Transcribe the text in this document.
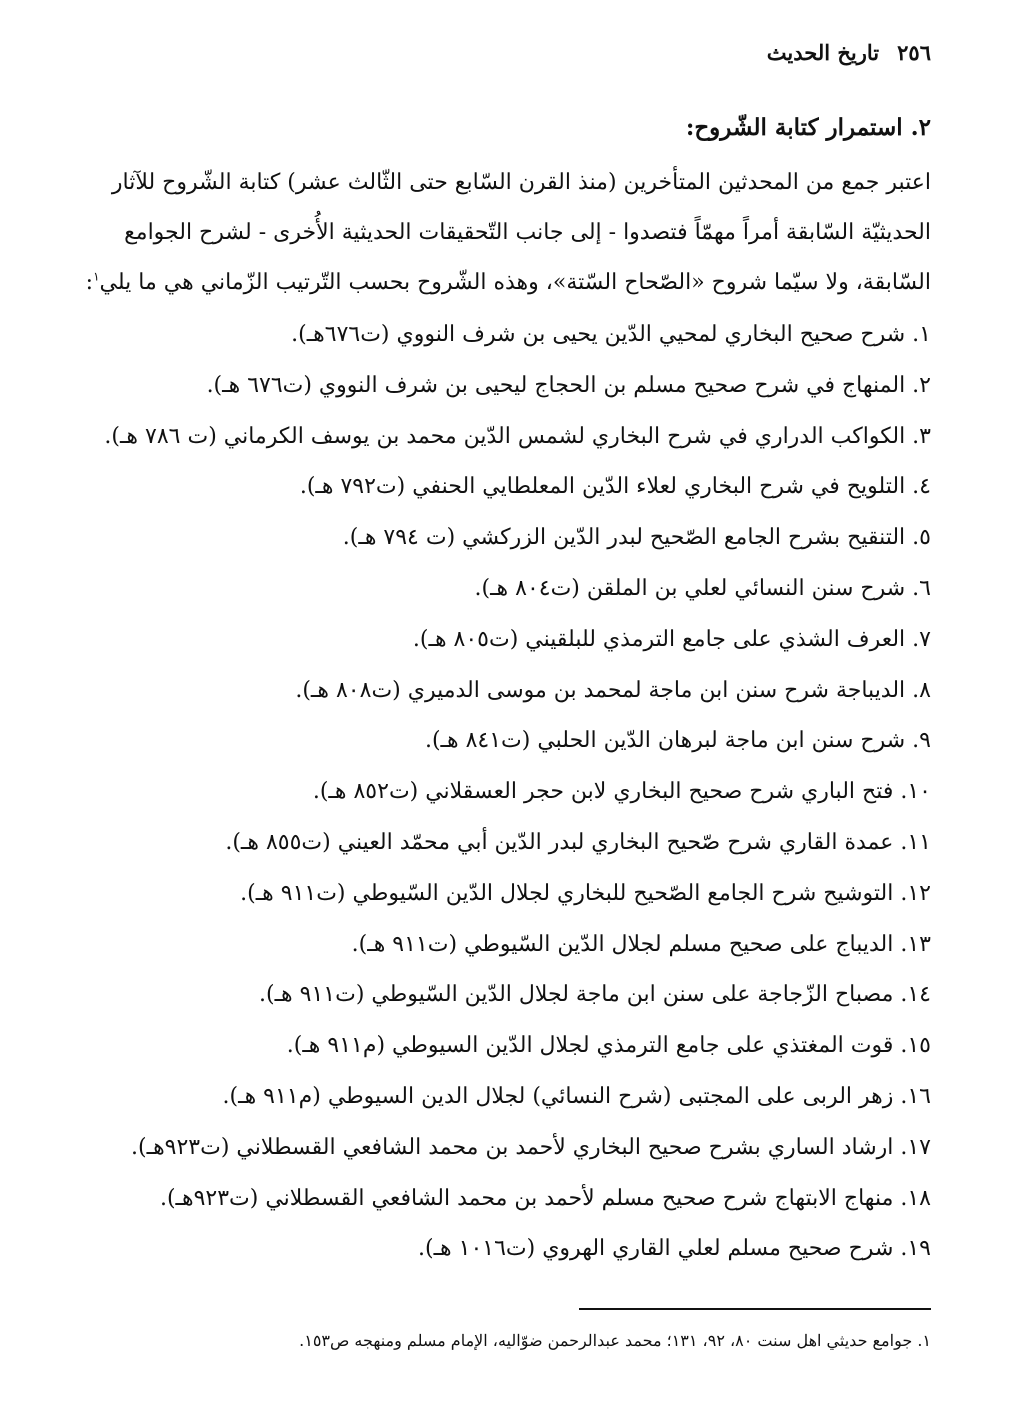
٢٥٦تاريخ الحديث
٢. استمرار كتابة الشّروح:
اعتبر جمع من المحدثين المتأخرين (منذ القرن السّابع حتى الثّالث عشر) كتابة الشّروح للآثار
الحديثيّة السّابقة أمراً مهمّاً فتصدوا - إلى جانب التّحقيقات الحديثية الأُخرى - لشرح الجوامع
السّابقة، ولا سيّما شروح «الصّحاح السّتة»، وهذه الشّروح بحسب التّرتيب الزّماني هي ما يلي$^١$:
١. شرح صحيح البخاري لمحيي الدّين يحيى بن شرف النووي (ت٦٧٦هـ).
٢. المنهاج في شرح صحيح مسلم بن الحجاج ليحيى بن شرف النووي (ت٦٧٦ هـ).
٣. الكواكب الدراري في شرح البخاري لشمس الدّين محمد بن يوسف الكرماني (ت ٧٨٦ هـ).
٤. التلويح في شرح البخاري لعلاء الدّين المعلطايي الحنفي (ت٧٩٢ هـ).
٥. التنقيح بشرح الجامع الصّحيح لبدر الدّين الزركشي (ت ٧٩٤ هـ).
٦. شرح سنن النسائي لعلي بن الملقن (ت٨٠٤ هـ).
٧. العرف الشذي على جامع الترمذي للبلقيني (ت٨٠٥ هـ).
٨. الديباجة شرح سنن ابن ماجة لمحمد بن موسى الدميري (ت٨٠٨ هـ).
٩. شرح سنن ابن ماجة لبرهان الدّين الحلبي (ت٨٤١ هـ).
١٠. فتح الباري شرح صحيح البخاري لابن حجر العسقلاني (ت٨٥٢ هـ).
١١. عمدة القاري شرح صّحيح البخاري لبدر الدّين أبي محمّد العيني (ت٨٥٥ هـ).
١٢. التوشيح شرح الجامع الصّحيح للبخاري لجلال الدّين السّيوطي (ت٩١١ هـ).
١٣. الديباج على صحيح مسلم لجلال الدّين السّيوطي (ت٩١١ هـ).
١٤. مصباح الزّجاجة على سنن ابن ماجة لجلال الدّين السّيوطي (ت٩١١ هـ).
١٥. قوت المغتذي على جامع الترمذي لجلال الدّين السيوطي (م٩١١ هـ).
١٦. زهر الربى على المجتبى (شرح النسائي) لجلال الدين السيوطي (م٩١١ هـ).
١٧. ارشاد الساري بشرح صحيح البخاري لأحمد بن محمد الشافعي القسطلاني (ت٩٢٣هـ).
١٨. منهاج الابتهاج شرح صحيح مسلم لأحمد بن محمد الشافعي القسطلاني (ت٩٢٣هـ).
١٩. شرح صحيح مسلم لعلي القاري الهروي (ت١٠١٦ هـ).
١. جوامع حديثي اهل سنت ٨٠، ٩٢، ١٣١؛ محمد عبدالرحمن ضوّاليه، الإمام مسلم ومنهجه ص١٥٣.
